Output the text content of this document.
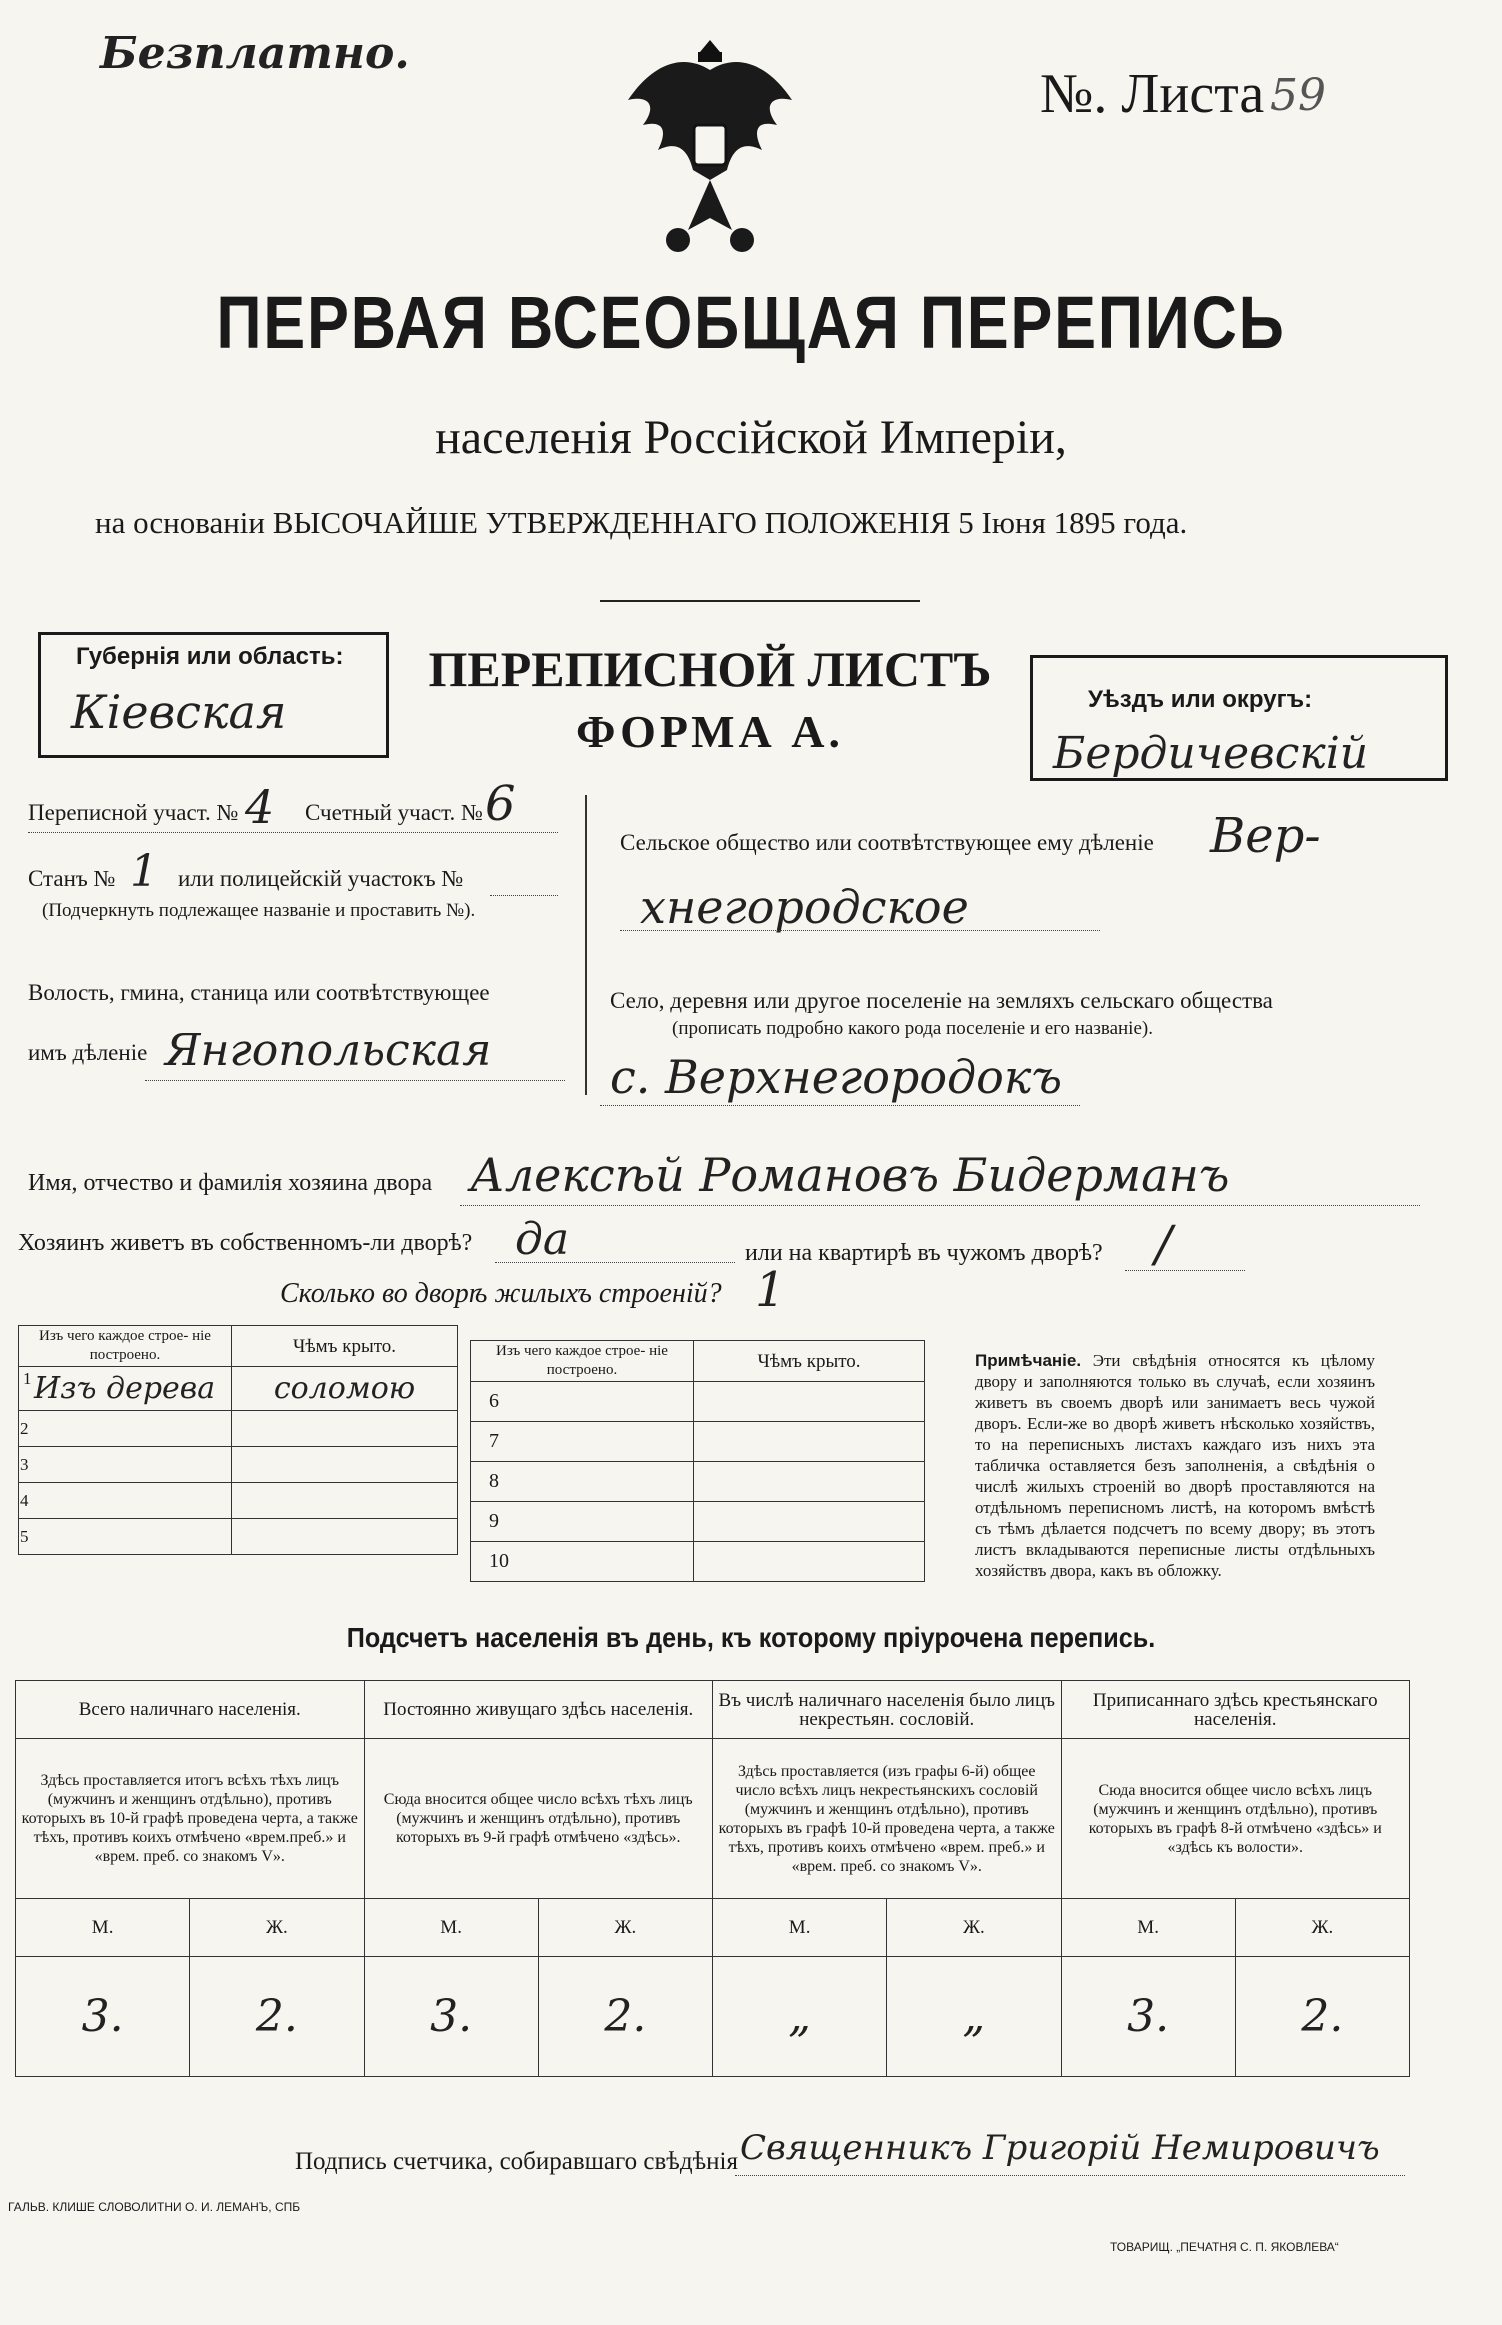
Безплатно.
№. Листа 59
ПЕРВАЯ ВСЕОБЩАЯ ПЕРЕПИСЬ
населенія Россійской Имперіи,
на основаніи ВЫСОЧАЙШЕ УТВЕРЖДЕННАГО ПОЛОЖЕНІЯ 5 Іюня 1895 года.
Губернія или область:
Кіевская
ПЕРЕПИСНОЙ ЛИСТЪ
ФОРМА А.
Уѣздъ или округъ:
Бердичевскій
Переписной участ. № 4 Счетный участ. № 6
Станъ № 1 или полицейскій участокъ №
(Подчеркнуть подлежащее названіе и проставить №).
Волость, гмина, станица или соотвѣтствующее
имъ дѣленіе Янгопольская
Сельское общество или соотвѣтствующее ему дѣленіе Вер-
хнегородское
Село, деревня или другое поселеніе на земляхъ сельскаго общества
(прописать подробно какого рода поселеніе и его названіе).
с. Верхнегородокъ
Имя, отчество и фамилія хозяина двора Алексѣй Романовъ Бидерманъ
Хозяинъ живетъ въ собственномъ-ли дворѣ? да	или на квартирѣ въ чужомъ дворѣ? /
Сколько во дворѣ жилыхъ строеній? 1
Изъ чего каждое строе- ніе построено.	Чѣмъ крыто.

1 Изъ дерева	соломою
2	
3	
4	
5	
Изъ чего каждое строе- ніе построено.	Чѣмъ крыто.
6	
7	
8	
9	
10	
Примѣчаніе. Эти свѣдѣнія относятся къ цѣлому двору и заполняются только въ случаѣ, если хозяинъ живетъ въ своемъ дворѣ или занимаетъ весь чужой дворъ. Если-же во дворѣ живетъ нѣсколько хозяйствъ, то на переписныхъ листахъ каждаго изъ нихъ эта табличка оставляется безъ заполненія, а свѣдѣнія о числѣ жилыхъ строеній во дворѣ проставляются на отдѣльномъ переписномъ листѣ, на которомъ вмѣстѣ съ тѣмъ дѣлается подсчетъ по всему двору; въ этотъ листъ вкладываются переписные листы отдѣльныхъ хозяйствъ двора, какъ въ обложку.
Подсчетъ населенія въ день, къ которому пріурочена перепись.
Всего наличнаго населенія.		Постоянно живущаго здѣсь населенія.		Въ числѣ наличнаго населенія было лицъ некрестьян. сословій.		Приписаннаго здѣсь крестьянскаго населенія.	
Здѣсь проставляется итогъ всѣхъ тѣхъ лицъ (мужчинъ и женщинъ отдѣльно), противъ которыхъ въ 10-й графѣ проведена черта, а также тѣхъ, противъ коихъ отмѣчено «врем.преб.» и «врем. преб. со знакомъ V».		Сюда вносится общее число всѣхъ тѣхъ лицъ (мужчинъ и женщинъ отдѣльно), противъ которыхъ въ 9-й графѣ отмѣчено «здѣсь».		Здѣсь проставляется (изъ графы 6-й) общее число всѣхъ лицъ некрестьянскихъ сословій (мужчинъ и женщинъ отдѣльно), противъ которыхъ въ графѣ 10-й проведена черта, а также тѣхъ, противъ коихъ отмѣчено «врем. преб.» и «врем. преб. со знакомъ V».		Сюда вносится общее число всѣхъ лицъ (мужчинъ и женщинъ отдѣльно), противъ которыхъ въ графѣ 8-й отмѣчено «здѣсь» и «здѣсь къ волости».	
М.	Ж.	М.	Ж.	М.	Ж.	М.	Ж.
3.	2.	3.	2.	„	„	3.	2.
Подпись счетчика, собиравшаго свѣдѣнія Священникъ Григорій Немировичъ
ГАЛЬВ. КЛИШЕ СЛОВОЛИТНИ О. И. ЛЕМАНЪ, СПБ
ТОВАРИЩ. „ПЕЧАТНЯ С. П. ЯКОВЛЕВА“
